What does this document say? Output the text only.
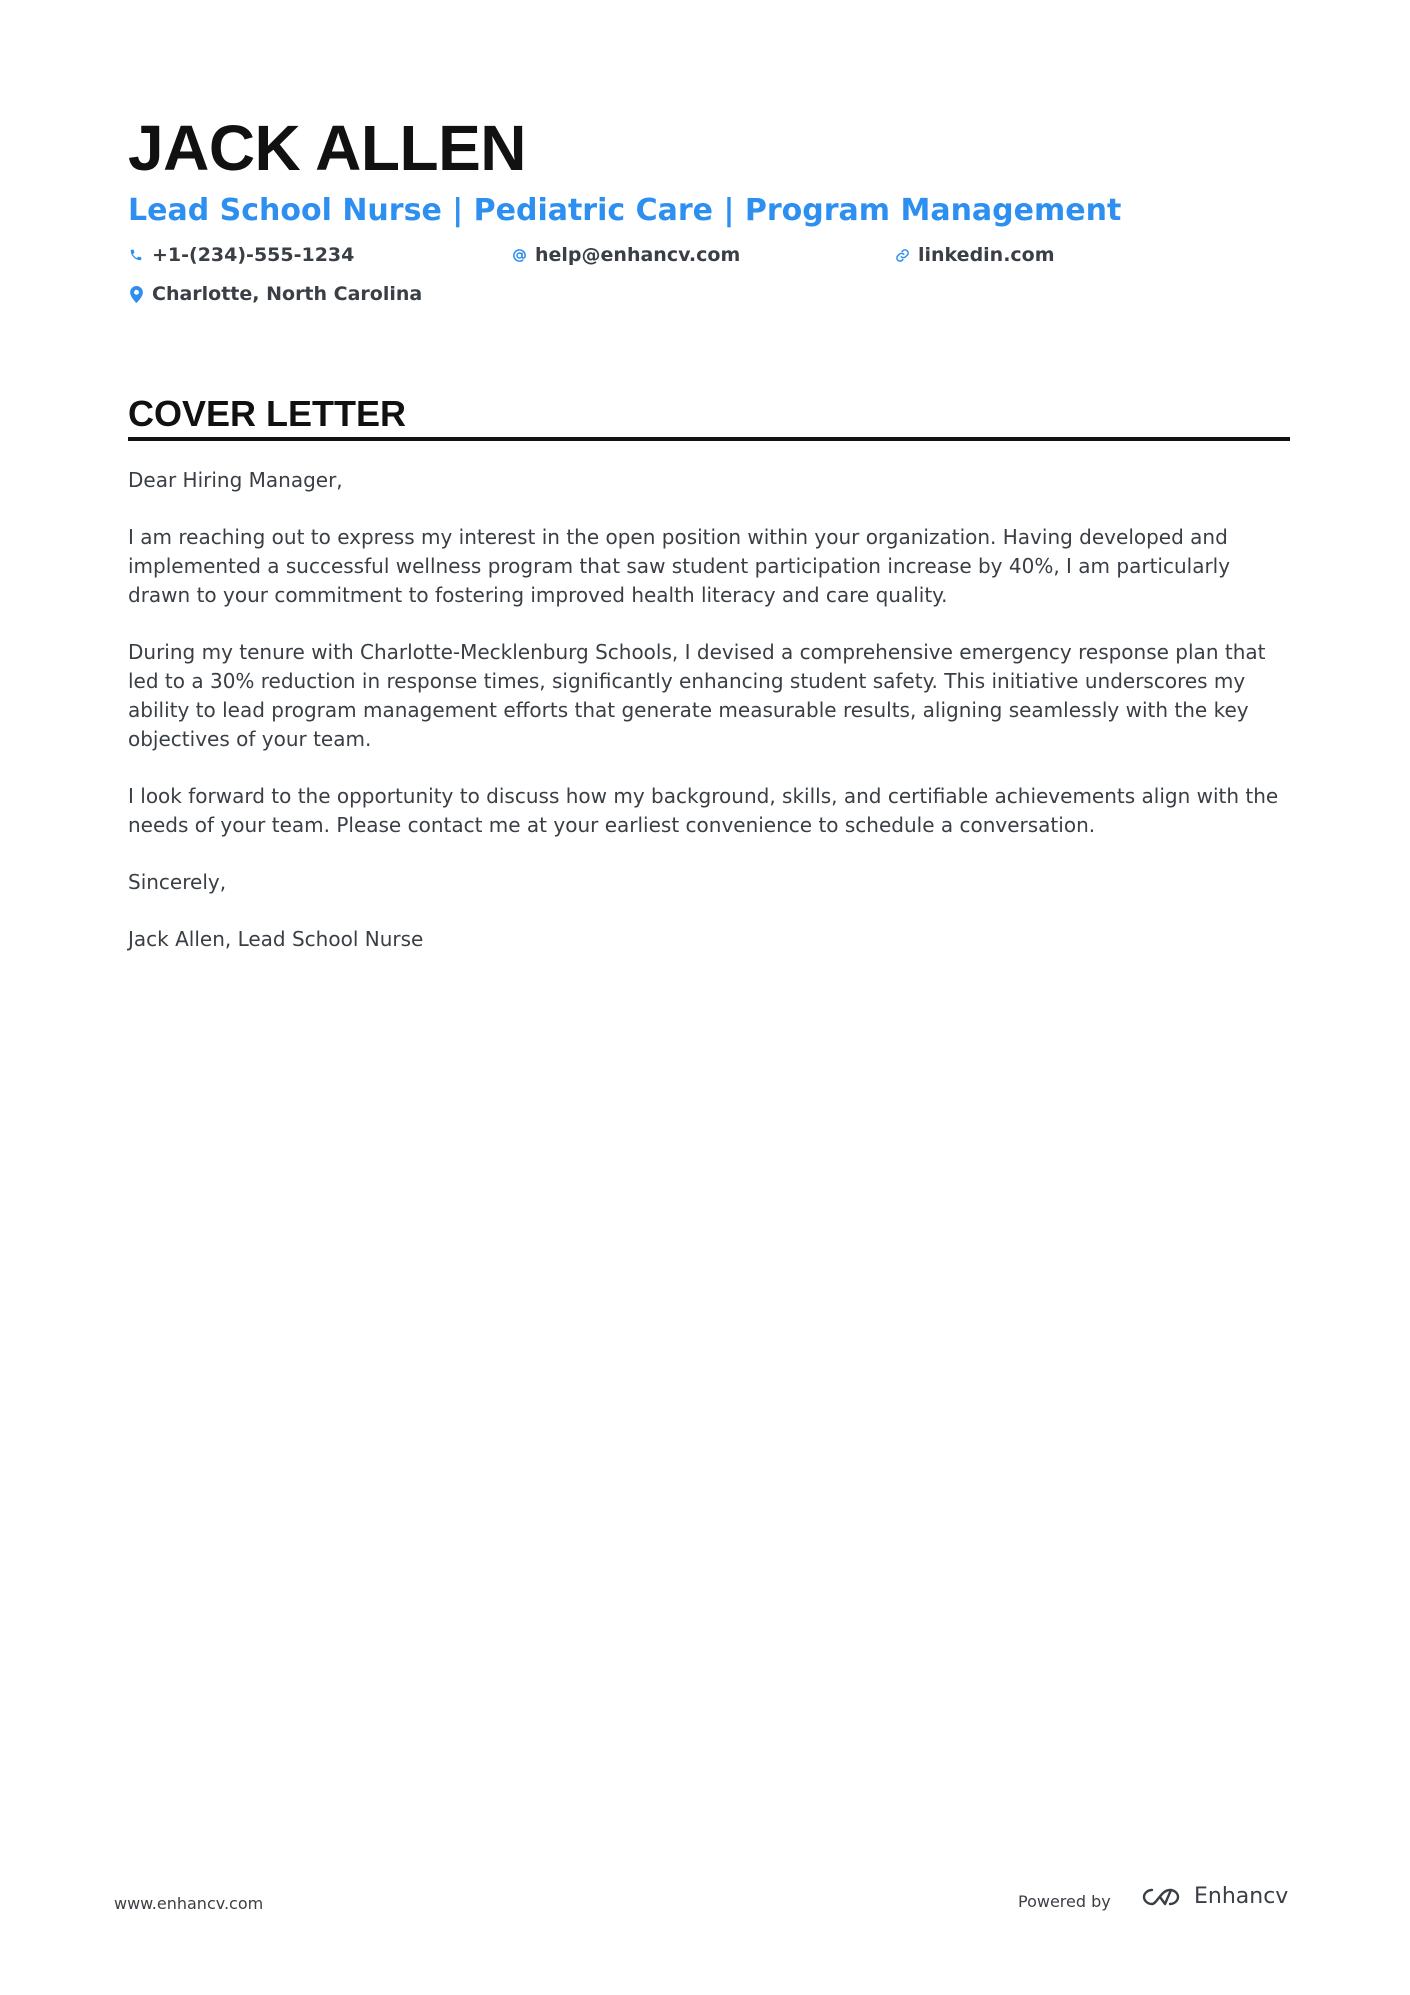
JACK ALLEN
Lead School Nurse | Pediatric Care | Program Management
+1-(234)-555-1234	help@enhancv.com	linkedin.com
Charlotte, North Carolina
COVER LETTER

Dear Hiring Manager,

I am reaching out to express my interest in the open position within your organization. Having developed and implemented a successful wellness program that saw student participation increase by 40%, I am particularly drawn to your commitment to fostering improved health literacy and care quality.

During my tenure with Charlotte-Mecklenburg Schools, I devised a comprehensive emergency response plan that led to a 30% reduction in response times, significantly enhancing student safety. This initiative underscores my ability to lead program management efforts that generate measurable results, aligning seamlessly with the key objectives of your team.

I look forward to the opportunity to discuss how my background, skills, and certifiable achievements align with the needs of your team. Please contact me at your earliest convenience to schedule a conversation.

Sincerely,

Jack Allen, Lead School Nurse

www.enhancv.com	Powered by	Enhancv
